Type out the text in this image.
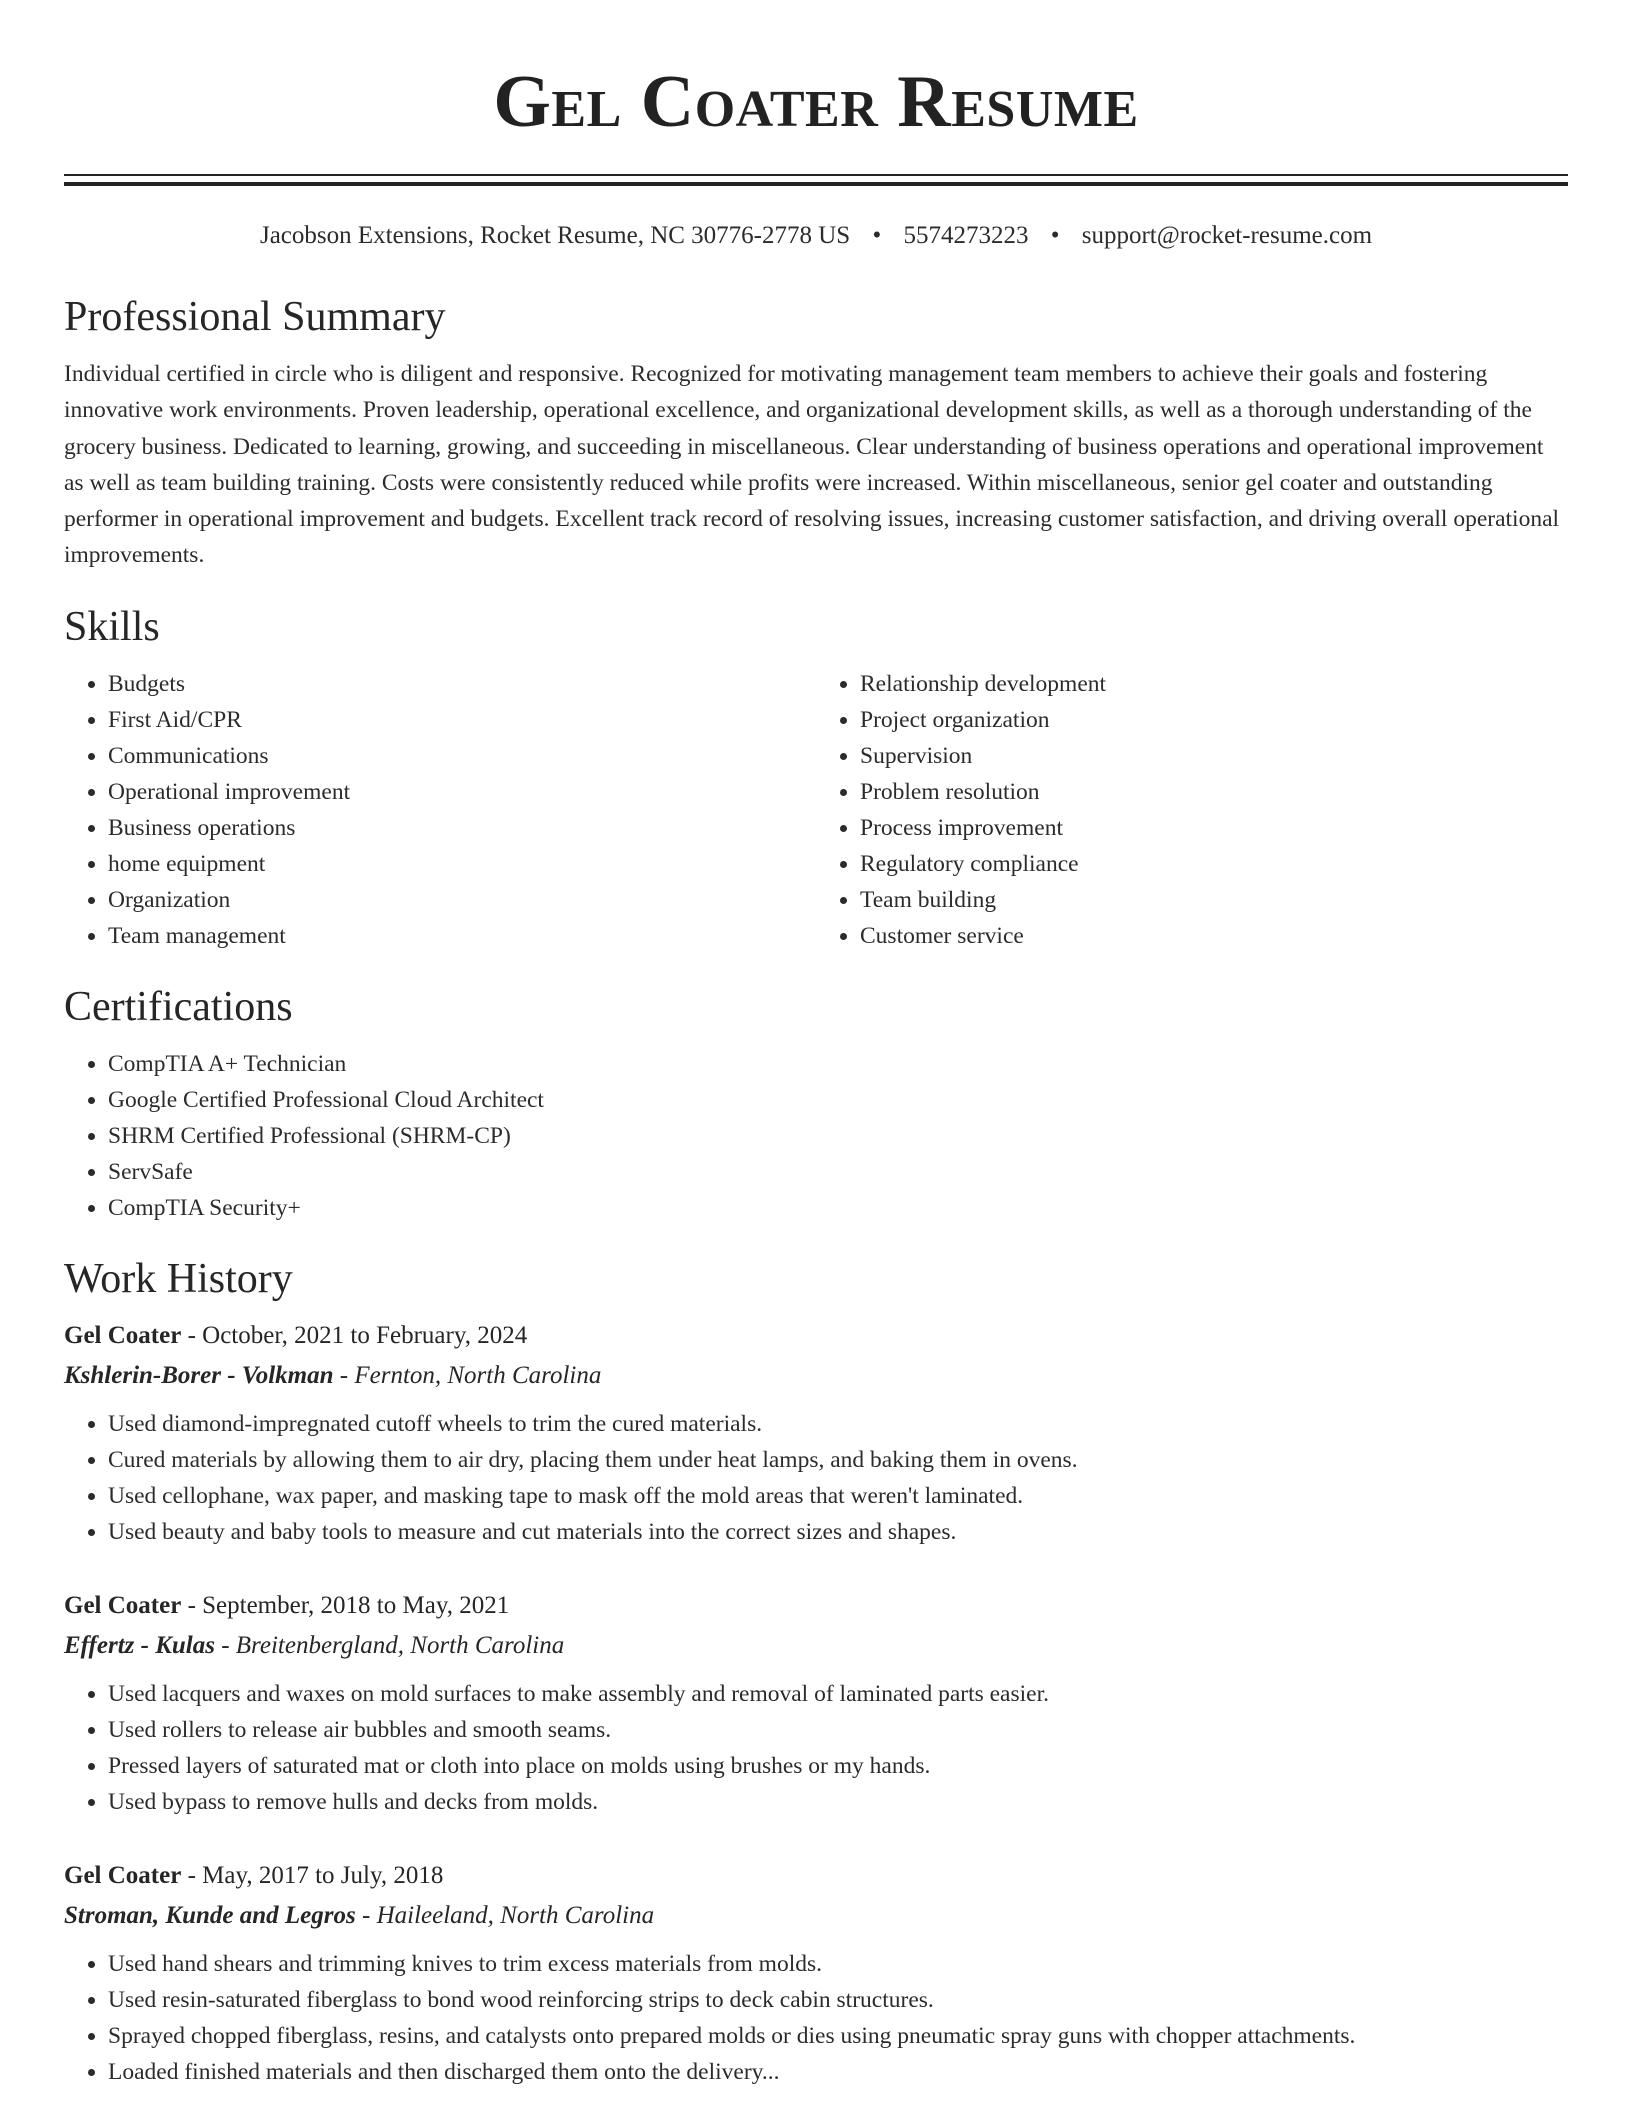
Gel Coater Resume
Jacobson Extensions, Rocket Resume, NC 30776-2778 US • 5574273223 • support@rocket-resume.com
Professional Summary

Individual certified in circle who is diligent and responsive. Recognized for motivating management team members to achieve their goals and fostering innovative work environments. Proven leadership, operational excellence, and organizational development skills, as well as a thorough understanding of the grocery business. Dedicated to learning, growing, and succeeding in miscellaneous. Clear understanding of business operations and operational improvement as well as team building training. Costs were consistently reduced while profits were increased. Within miscellaneous, senior gel coater and outstanding performer in operational improvement and budgets. Excellent track record of resolving issues, increasing customer satisfaction, and driving overall operational improvements.

Skills
• Budgets
• First Aid/CPR
• Communications
• Operational improvement
• Business operations
• home equipment
• Organization
• Team management
• Relationship development
• Project organization
• Supervision
• Problem resolution
• Process improvement
• Regulatory compliance
• Team building
• Customer service
Certifications
• CompTIA A+ Technician
• Google Certified Professional Cloud Architect
• SHRM Certified Professional (SHRM-CP)
• ServSafe
• CompTIA Security+
Work History
Gel Coater - October, 2021 to February, 2024
Kshlerin-Borer - Volkman - Fernton, North Carolina
• Used diamond-impregnated cutoff wheels to trim the cured materials.
• Cured materials by allowing them to air dry, placing them under heat lamps, and baking them in ovens.
• Used cellophane, wax paper, and masking tape to mask off the mold areas that weren't laminated.
• Used beauty and baby tools to measure and cut materials into the correct sizes and shapes.
Gel Coater - September, 2018 to May, 2021
Effertz - Kulas - Breitenbergland, North Carolina
• Used lacquers and waxes on mold surfaces to make assembly and removal of laminated parts easier.
• Used rollers to release air bubbles and smooth seams.
• Pressed layers of saturated mat or cloth into place on molds using brushes or my hands.
• Used bypass to remove hulls and decks from molds.
Gel Coater - May, 2017 to July, 2018
Stroman, Kunde and Legros - Haileeland, North Carolina
• Used hand shears and trimming knives to trim excess materials from molds.
• Used resin-saturated fiberglass to bond wood reinforcing strips to deck cabin structures.
• Sprayed chopped fiberglass, resins, and catalysts onto prepared molds or dies using pneumatic spray guns with chopper attachments.
• Loaded finished materials and then discharged them onto the delivery...
